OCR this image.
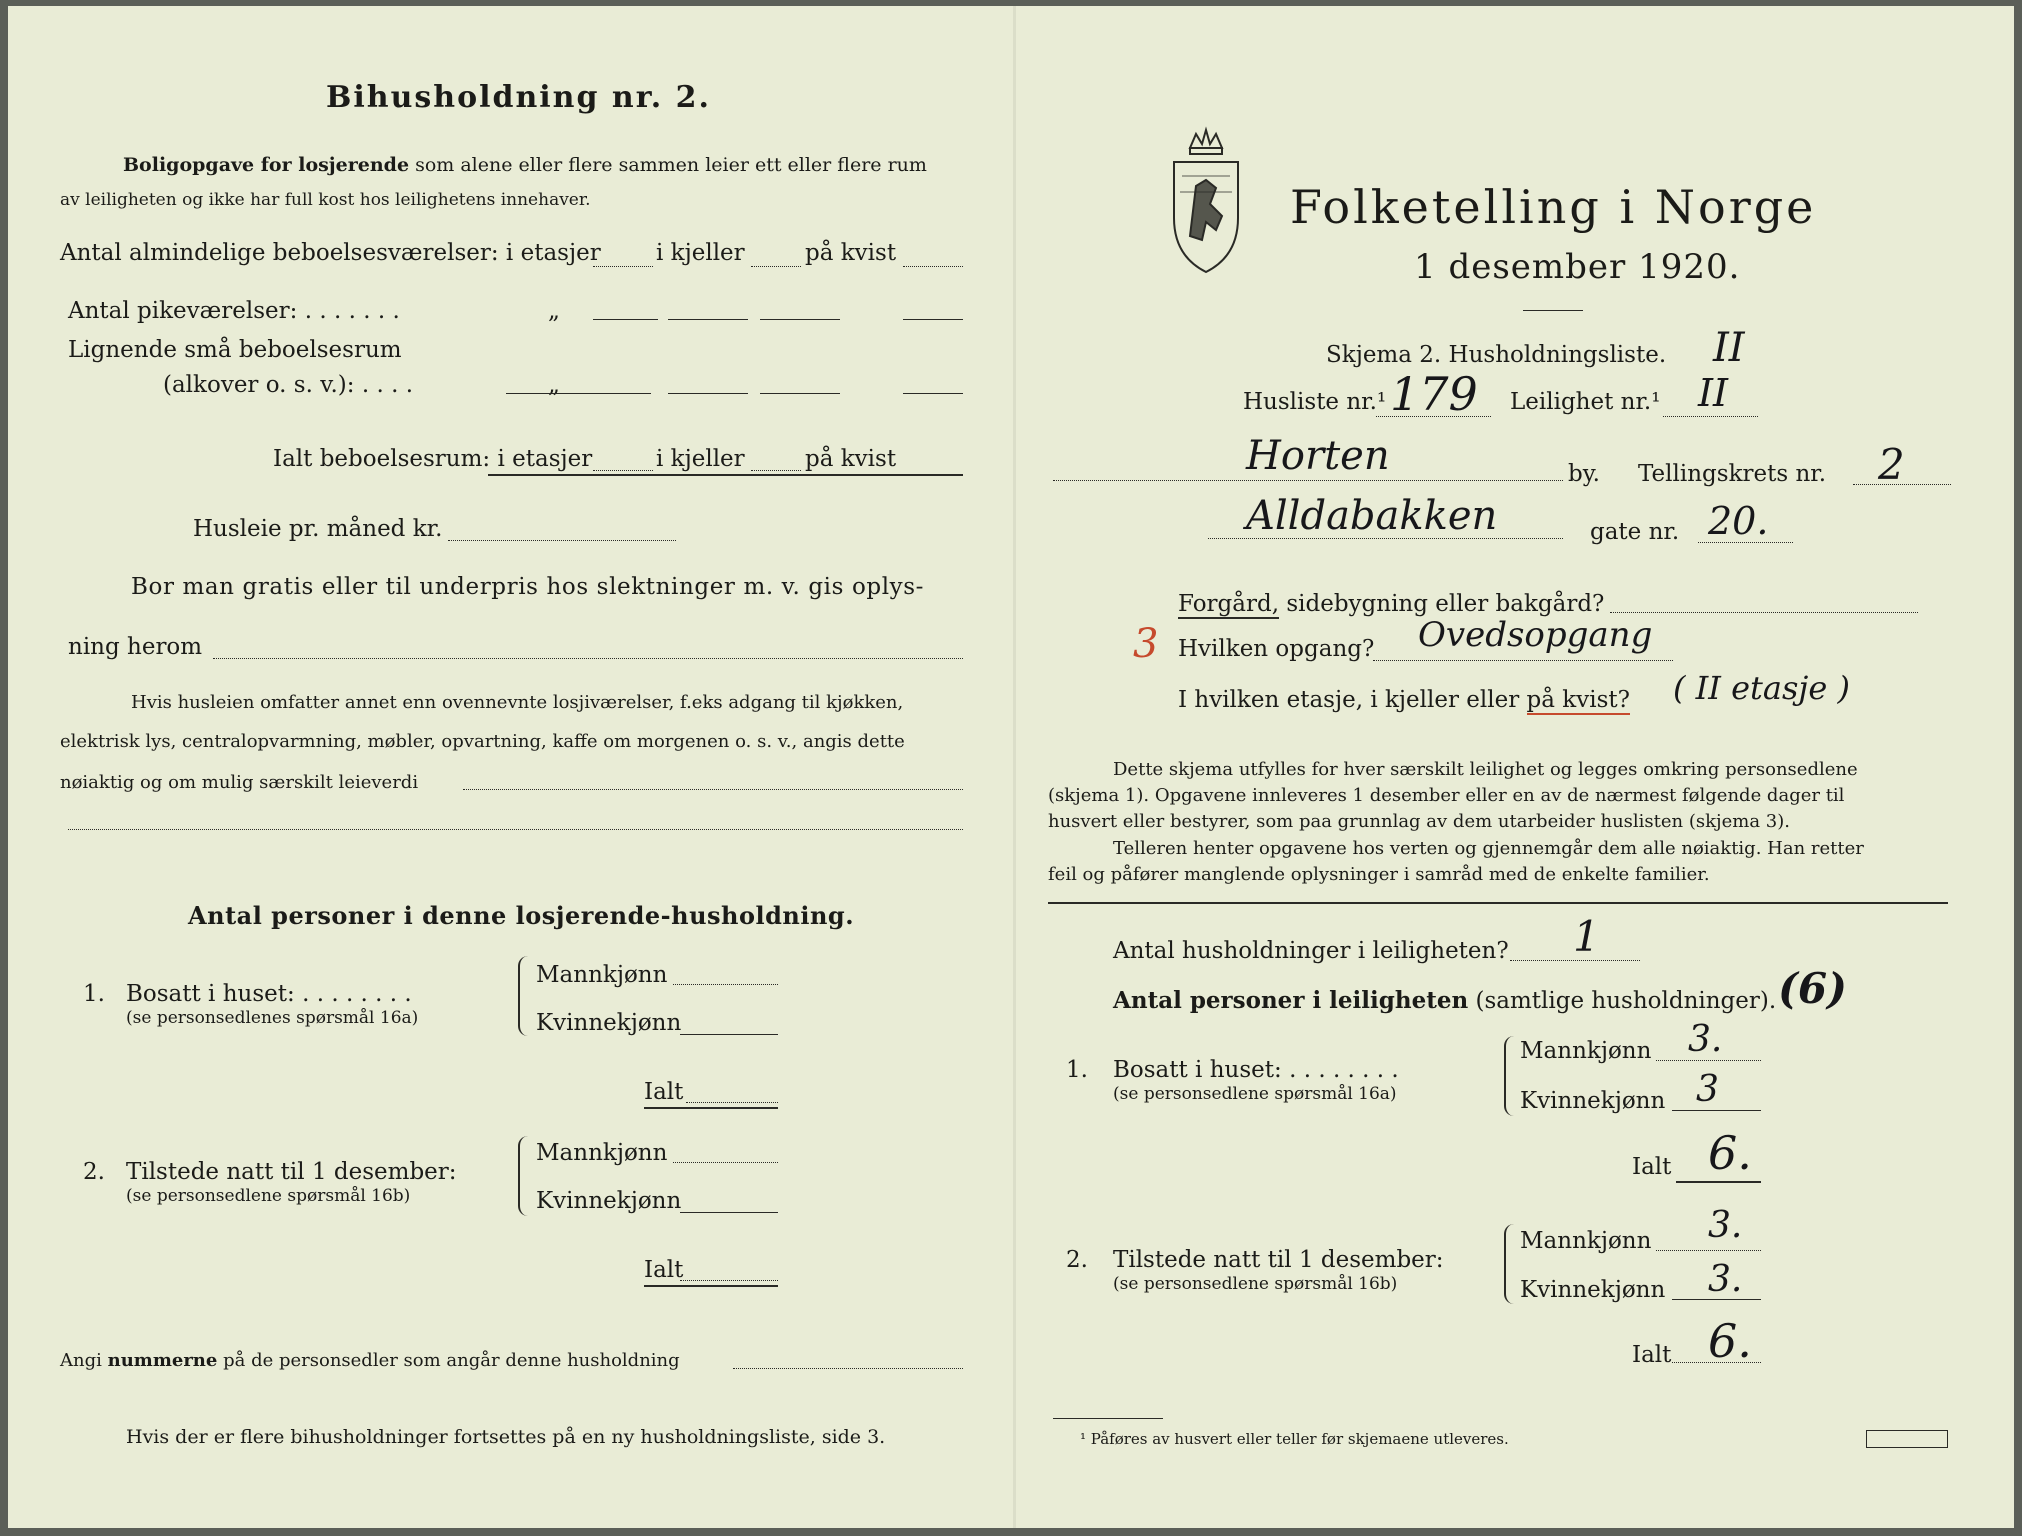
Bihusholdning nr. 2.
Boligopgave for losjerende som alene eller flere sammen leier ett eller flere rum
av leiligheten og ikke har full kost hos leilighetens innehaver.
Antal almindelige beboelsesværelser: i etasjer i kjeller	på kvist
Antal pikeværelser: . . . . . . .	„
Lignende små beboelsesrum
(alkover o. s. v.): . . . .	„
Ialt beboelsesrum: i etasjer	i kjeller	på kvist
Husleie pr. måned kr.
Bor man gratis eller til underpris hos slektninger m. v. gis oplys-
ning herom
Hvis husleien omfatter annet enn ovennevnte losjiværelser, f.eks adgang til kjøkken,
elektrisk lys, centralopvarmning, møbler, opvartning, kaffe om morgenen o. s. v., angis dette
nøiaktig og om mulig særskilt leieverdi
Antal personer i denne losjerende-husholdning.
1. Bosatt i huset: . . . . . . . .
(se personsedlenes spørsmål 16a)
Mannkjønn
Kvinnekjønn
Ialt
2. Tilstede natt til 1 desember:
(se personsedlene spørsmål 16b)
Mannkjønn
Kvinnekjønn
Ialt
Angi nummerne på de personsedler som angår denne husholdning
Hvis der er flere bihusholdninger fortsettes på en ny husholdningsliste, side 3.
Folketelling i Norge
1 desember 1920.
Skjema 2. Husholdningsliste. II
Husliste nr.¹ 179 Leilighet nr.¹ II
Horten	by. Tellingskrets nr. 2
Alldabakken	gate nr. 20.
Forgård, sidebygning eller bakgård?
3 Hvilken opgang? Ovedsopgang
I hvilken etasje, i kjeller eller på kvist? ( II etasje )
Dette skjema utfylles for hver særskilt leilighet og legges omkring personsedlene
(skjema 1). Opgavene innleveres 1 desember eller en av de nærmest følgende dager til
husvert eller bestyrer, som paa grunnlag av dem utarbeider huslisten (skjema 3).
Telleren henter opgavene hos verten og gjennemgår dem alle nøiaktig. Han retter
feil og påfører manglende oplysninger i samråd med de enkelte familier.
Antal husholdninger i leiligheten? 1
Antal personer i leiligheten (samtlige husholdninger). (6)
1. Bosatt i huset: . . . . . . . .
(se personsedlene spørsmål 16a)
Mannkjønn 3.
Kvinnekjønn 3
Ialt 6.
2. Tilstede natt til 1 desember:
(se personsedlene spørsmål 16b)
Mannkjønn 3.
Kvinnekjønn 3.
Ialt 6.
¹ Påføres av husvert eller teller før skjemaene utleveres.
